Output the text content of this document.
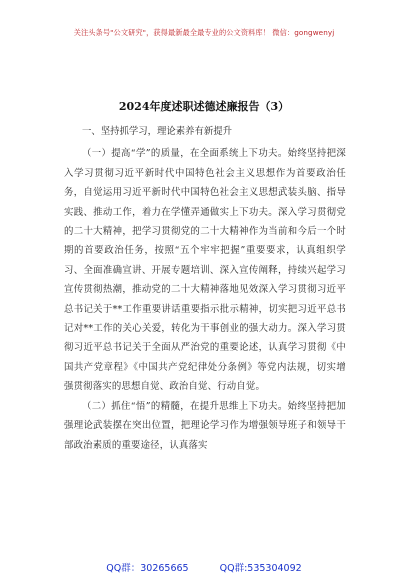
关注头条号"公文研究"，获得最新最全最专业的公文资料库！ 微信：gongwenyj
2024年度述职述德述廉报告（3）

一、坚持抓学习，理论素养有新提升

（一）提高“学”的质量，在全面系统上下功夫。始终坚持把深入学习贯彻习近平新时代中国特色社会主义思想作为首要政治任务，自觉运用习近平新时代中国特色社会主义思想武装头脑、指导实践、推动工作，着力在学懂弄通做实上下功夫。深入学习贯彻党的二十大精神，把学习贯彻党的二十大精神作为当前和今后一个时期的首要政治任务，按照“五个牢牢把握”重要要求，认真组织学习、全面准确宣讲、开展专题培训、深入宣传阐释，持续兴起学习宣传贯彻热潮，推动党的二十大精神落地见效深入学习贯彻习近平总书记关于**工作重要讲话重要指示批示精神，切实把习近平总书记对**工作的关心关爱，转化为干事创业的强大动力。深入学习贯彻习近平总书记关于全面从严治党的重要论述，认真学习贯彻《中国共产党章程》《中国共产党纪律处分条例》等党内法规，切实增强贯彻落实的思想自觉、政治自觉、行动自觉。

（二）抓住“悟”的精髓，在提升思维上下功夫。始终坚持把加强理论武装摆在突出位置，把理论学习作为增强领导班子和领导干部政治素质的重要途径，认真落实

QQ群：30265665	QQ群:535304092
